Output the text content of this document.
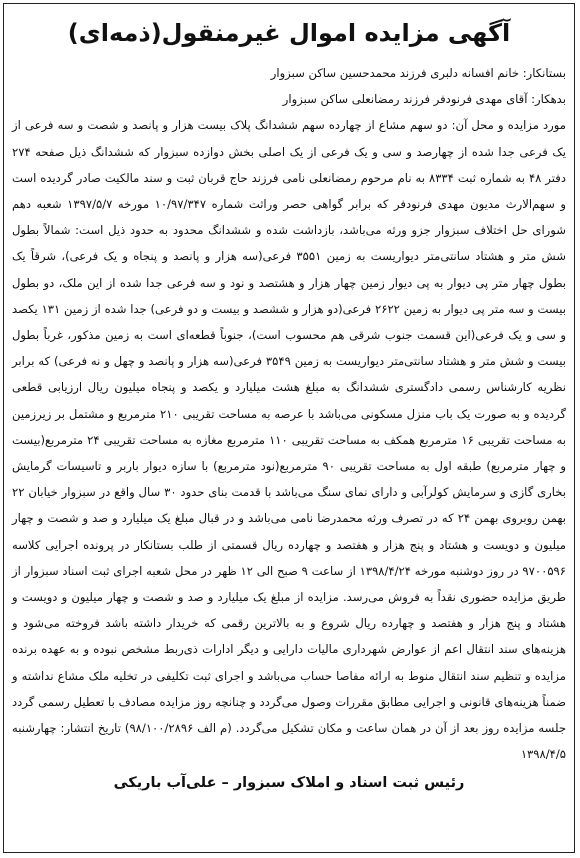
آگهی مزایده اموال غیرمنقول(ذمه‌ای)

بستانکار: خانم افسانه دلبری فرزند محمدحسین ساکن سبزوار

بدهکار: آقای مهدی فرنودفر فرزند رمضانعلی ساکن سبزوار

مورد مزایده و محل آن: دو سهم مشاع از چهارده سهم ششدانگ پلاک بیست هزار و پانصد و شصت و سه فرعی از یک فرعی جدا شده از چهارصد و سی و یک فرعی از یک اصلی بخش دوازده سبزوار که ششدانگ ذیل صفحه ۲۷۴ دفتر ۴۸ به شماره ثبت ۸۳۳۴ به نام مرحوم رمضانعلی نامی فرزند حاج قربان ثبت و سند مالکیت صادر گردیده است و سهم‌الارث مدیون مهدی فرنودفر که برابر گواهی حصر وراثت شماره ۱۰/۹۷/۳۴۷ مورخه ۱۳۹۷/۵/۷ شعبه دهم شورای حل اختلاف سبزوار جزو ورثه می‌باشد، بازداشت شده و ششدانگ محدود به حدود ذیل است: شمالاً بطول شش متر و هشتاد سانتی‌متر دیواریست به زمین ۳۵۵۱ فرعی(سه هزار و پانصد و پنجاه و یک فرعی)، شرقاً یک بطول چهار متر پی دیوار به پی دیوار زمین چهار هزار و هشتصد و نود و سه فرعی جدا شده از این ملک، دو بطول بیست و سه متر پی دیوار به زمین ۲۶۲۲ فرعی(دو هزار و ششصد و بیست و دو فرعی) جدا شده از زمین ۱۳۱ یکصد و سی و یک فرعی(این قسمت جنوب شرقی هم محسوب است)، جنوباً قطعه‌ای است به زمین مذکور، غرباً بطول بیست و شش متر و هشتاد سانتی‌متر دیواریست به زمین ۳۵۴۹ فرعی(سه هزار و پانصد و چهل و نه فرعی) که برابر نظریه کارشناس رسمی دادگستری ششدانگ به مبلغ هشت میلیارد و یکصد و پنجاه میلیون ریال ارزیابی قطعی گردیده و به صورت یک باب منزل مسکونی می‌باشد با عرصه به مساحت تقریبی ۲۱۰ مترمربع و مشتمل بر زیرزمین به مساحت تقریبی ۱۶ مترمربع همکف به مساحت تقریبی ۱۱۰ مترمربع مغازه به مساحت تقریبی ۲۴ مترمربع(بیست و چهار مترمربع) طبقه اول به مساحت تقریبی ۹۰ مترمربع(نود مترمربع) با سازه دیوار باربر و تاسیسات گرمایش بخاری گازی و سرمایش کولرآبی و دارای نمای سنگ می‌باشد با قدمت بنای حدود ۳۰ سال واقع در سبزوار خیابان ۲۲ بهمن روبروی بهمن ۲۴ که در تصرف ورثه محمدرضا نامی می‌باشد و در قبال مبلغ یک میلیارد و صد و شصت و چهار میلیون و دویست و هشتاد و پنج هزار و هفتصد و چهارده ریال قسمتی از طلب بستانکار در پرونده اجرایی کلاسه ۹۷۰۰۵۹۶ در روز دوشنبه مورخه ۱۳۹۸/۴/۲۴ از ساعت ۹ صبح الی ۱۲ ظهر در محل شعبه اجرای ثبت اسناد سبزوار از طریق مزایده حضوری نقداً به فروش می‌رسد. مزایده از مبلغ یک میلیارد و صد و شصت و چهار میلیون و دویست و هشتاد و پنج هزار و هفتصد و چهارده ریال شروع و به بالاترین رقمی که خریدار داشته باشد فروخته می‌شود و هزینه‌های سند انتقال اعم از عوارض شهرداری مالیات دارایی و دیگر ادارات ذی‌ربط مشخص نبوده و به عهده برنده مزایده و تنظیم سند انتقال منوط به ارائه مفاصا حساب می‌باشد و اجرای ثبت تکلیفی در تخلیه ملک مشاع نداشته و ضمناً هزینه‌های قانونی و اجرایی مطابق مقررات وصول می‌گردد و چنانچه روز مزایده مصادف با تعطیل رسمی گردد جلسه مزایده روز بعد از آن در همان ساعت و مکان تشکیل می‌گردد. (م الف ۹۸/۱۰۰/۲۸۹۶) تاریخ انتشار: چهارشنبه ۱۳۹۸/۴/۵

رئیس ثبت اسناد و املاک سبزوار – علی‌آب باریکی
